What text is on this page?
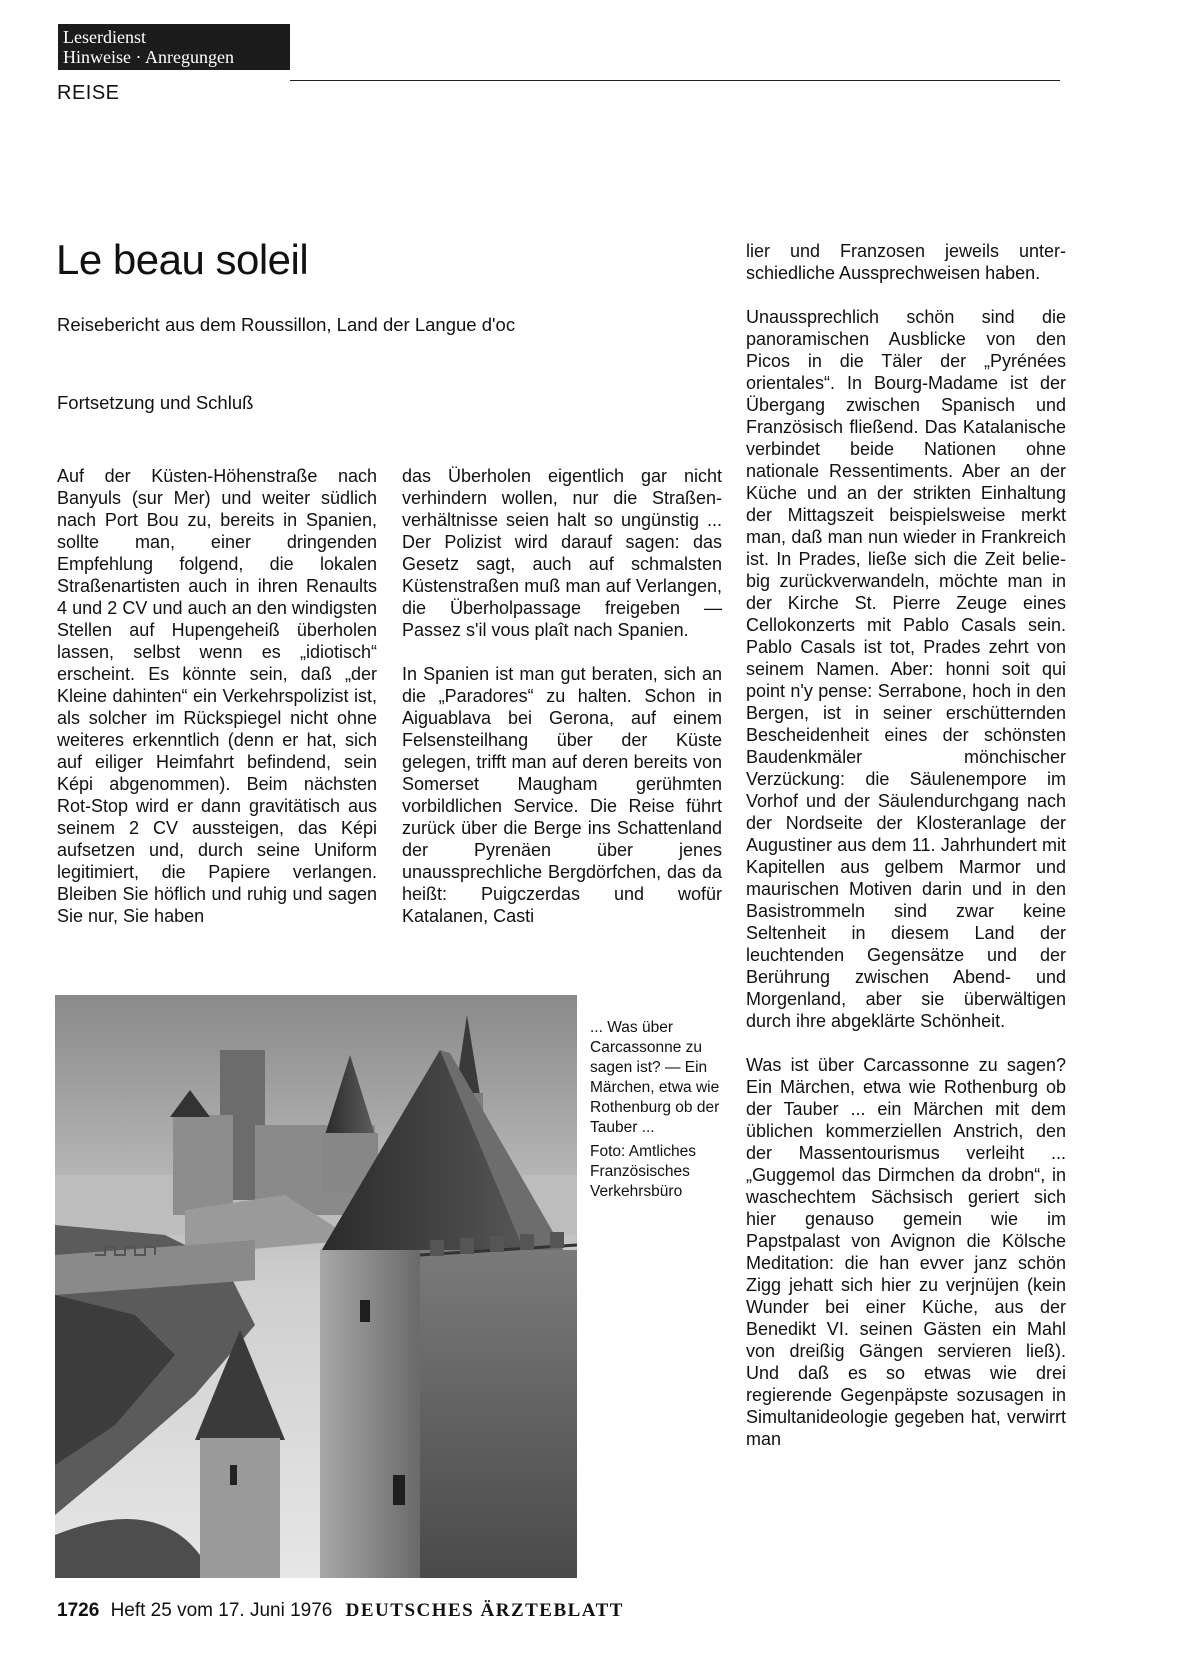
Leserdienst
Hinweise · Anregungen
REISE
Le beau soleil
Reisebericht aus dem Roussillon, Land der Langue d'oc
Fortsetzung und Schluß

Auf der Küsten-Höhenstraße nach Banyuls (sur Mer) und weiter südlich nach Port Bou zu, bereits in Spanien, sollte man, einer dringenden Empfehlung folgend, die lokalen Straßenartisten auch in ihren Renaults 4 und 2 CV und auch an den windigsten Stellen auf Hupengeheiß überholen lassen, selbst wenn es „idiotisch“ erscheint. Es könnte sein, daß „der Kleine dahinten“ ein Verkehrspolizist ist, als solcher im Rückspiegel nicht ohne weiteres erkenntlich (denn er hat, sich auf eiliger Heimfahrt befindend, sein Képi abgenommen). Beim nächsten Rot-Stop wird er dann gravitätisch aus seinem 2 CV aussteigen, das Képi aufsetzen und, durch seine Uniform legitimiert, die Papiere verlangen. Bleiben Sie höflich und ruhig und sagen Sie nur, Sie haben

das Überholen eigentlich gar nicht verhindern wollen, nur die Straßenverhältnisse seien halt so ungünstig ... Der Polizist wird darauf sagen: das Gesetz sagt, auch auf schmalsten Küstenstraßen muß man auf Verlangen, die Überholpassage freigeben — Passez s'il vous plaît nach Spanien.

In Spanien ist man gut beraten, sich an die „Paradores“ zu halten. Schon in Aiguablava bei Gerona, auf einem Felsensteilhang über der Küste gelegen, trifft man auf deren bereits von Somerset Maugham gerühmten vorbildlichen Service. Die Reise führt zurück über die Berge ins Schattenland der Pyrenäen über jenes unaussprechliche Bergdörfchen, das da heißt: Puigczerdas und wofür Katalanen, Casti

lier und Franzosen jeweils unterschiedliche Aussprechweisen haben.

Unaussprechlich schön sind die panoramischen Ausblicke von den Picos in die Täler der „Pyrénées orientales“. In Bourg-Madame ist der Übergang zwischen Spanisch und Französisch fließend. Das Katalanische verbindet beide Nationen ohne nationale Ressentiments. Aber an der Küche und an der strikten Einhaltung der Mittagszeit beispielsweise merkt man, daß man nun wieder in Frankreich ist. In Prades, ließe sich die Zeit beliebig zurückverwandeln, möchte man in der Kirche St. Pierre Zeuge eines Cellokonzerts mit Pablo Casals sein. Pablo Casals ist tot, Prades zehrt von seinem Namen. Aber: honni soit qui point n'y pense: Serrabone, hoch in den Bergen, ist in seiner erschütternden Bescheidenheit eines der schönsten Baudenkmäler mönchischer Verzückung: die Säulenempore im Vorhof und der Säulendurchgang nach der Nordseite der Klosteranlage der Augustiner aus dem 11. Jahrhundert mit Kapitellen aus gelbem Marmor und maurischen Motiven darin und in den Basistrommeln sind zwar keine Seltenheit in diesem Land der leuchtenden Gegensätze und der Berührung zwischen Abend- und Morgenland, aber sie überwältigen durch ihre abgeklärte Schönheit.

Was ist über Carcassonne zu sagen? Ein Märchen, etwa wie Rothenburg ob der Tauber ... ein Märchen mit dem üblichen kommerziellen Anstrich, den der Massentourismus verleiht ... „Guggemol das Dirmchen da drobn“, in waschechtem Sächsisch geriert sich hier genauso gemein wie im Papstpalast von Avignon die Kölsche Meditation: die han evver janz schön Zigg jehatt sich hier zu verjnüjen (kein Wunder bei einer Küche, aus der Benedikt VI. seinen Gästen ein Mahl von dreißig Gängen servieren ließ). Und daß es so etwas wie drei regierende Gegenpäpste sozusagen in Simultanideologie gegeben hat, verwirrt man

... Was über Carcassonne zu sagen ist? — Ein Märchen, etwa wie Rothenburg ob der Tauber ...

Foto: Amtliches Französisches Verkehrsbüro

1726 Heft 25 vom 17. Juni 1976 DEUTSCHES ÄRZTEBLATT
